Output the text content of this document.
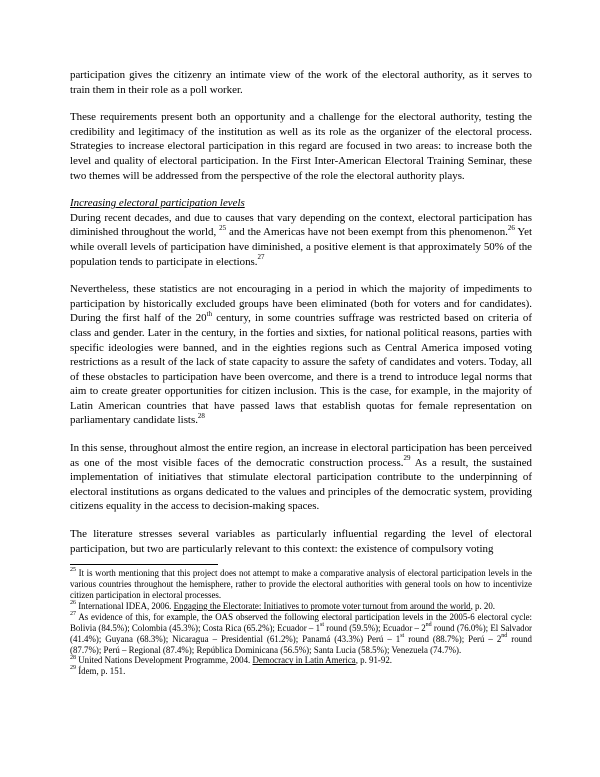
participation gives the citizenry an intimate view of the work of the electoral authority, as it serves to train them in their role as a poll worker.

These requirements present both an opportunity and a challenge for the electoral authority, testing the credibility and legitimacy of the institution as well as its role as the organizer of the electoral process. Strategies to increase electoral participation in this regard are focused in two areas: to increase both the level and quality of electoral participation. In the First Inter-American Electoral Training Seminar, these two themes will be addressed from the perspective of the role the electoral authority plays.

Increasing electoral participation levels

During recent decades, and due to causes that vary depending on the context, electoral participation has diminished throughout the world, $^{25}$ and the Americas have not been exempt from this phenomenon.$^{26}$ Yet while overall levels of participation have diminished, a positive element is that approximately 50% of the population tends to participate in elections.$^{27}$

Nevertheless, these statistics are not encouraging in a period in which the majority of impediments to participation by historically excluded groups have been eliminated (both for voters and for candidates). During the first half of the 20th century, in some countries suffrage was restricted based on criteria of class and gender. Later in the century, in the forties and sixties, for national political reasons, parties with specific ideologies were banned, and in the eighties regions such as Central America imposed voting restrictions as a result of the lack of state capacity to assure the safety of candidates and voters. Today, all of these obstacles to participation have been overcome, and there is a trend to introduce legal norms that aim to create greater opportunities for citizen inclusion. This is the case, for example, in the majority of Latin American countries that have passed laws that establish quotas for female representation on parliamentary candidate lists.$^{28}$

In this sense, throughout almost the entire region, an increase in electoral participation has been perceived as one of the most visible faces of the democratic construction process.$^{29}$ As a result, the sustained implementation of initiatives that stimulate electoral participation contribute to the underpinning of electoral institutions as organs dedicated to the values and principles of the democratic system, providing citizens equality in the access to decision-making spaces.

The literature stresses several variables as particularly influential regarding the level of electoral participation, but two are particularly relevant to this context: the existence of compulsory voting

$^{25}$ It is worth mentioning that this project does not attempt to make a comparative analysis of electoral participation levels in the various countries throughout the hemisphere, rather to provide the electoral authorities with general tools on how to incentivize citizen participation in electoral processes.

$^{26}$ International IDEA, 2006. Engaging the Electorate: Initiatives to promote voter turnout from around the world, p. 20.

$^{27}$ As evidence of this, for example, the OAS observed the following electoral participation levels in the 2005-6 electoral cycle: Bolivia (84.5%); Colombia (45.3%); Costa Rica (65.2%); Ecuador – 1st round (59.5%); Ecuador – 2nd round (76.0%); El Salvador (41.4%); Guyana (68.3%); Nicaragua – Presidential (61.2%); Panamá (43.3%) Perú – 1st round (88.7%); Perú – 2nd round (87.7%); Perú – Regional (87.4%); República Dominicana (56.5%); Santa Lucia (58.5%); Venezuela (74.7%).

$^{28}$ United Nations Development Programme, 2004. Democracy in Latin America, p. 91-92.

$^{29}$ Ídem, p. 151.
